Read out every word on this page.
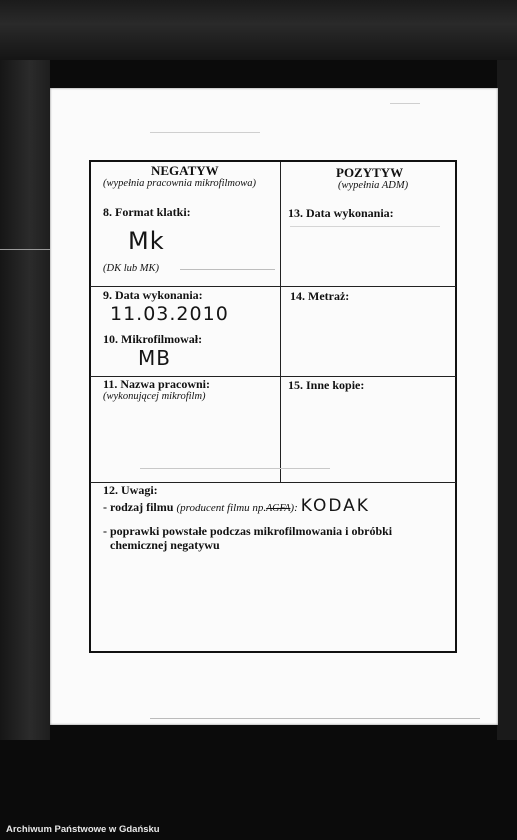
NEGATYW
(wypełnia pracownia mikrofilmowa)
POZYTYW
(wypełnia ADM)
8. Format klatki:
Mk
(DK lub MK)
13. Data wykonania:
9. Data wykonania:
11.03.2010
10. Mikrofilmował:
MB
14. Metraż:
11. Nazwa pracowni:
(wykonującej mikrofilm)
15. Inne kopie:
12. Uwagi:
- rodzaj filmu (producent filmu np.AGFA): KODAK
- poprawki powstałe podczas mikrofilmowania i obróbki
chemicznej negatywu
Archiwum Państwowe w Gdańsku
